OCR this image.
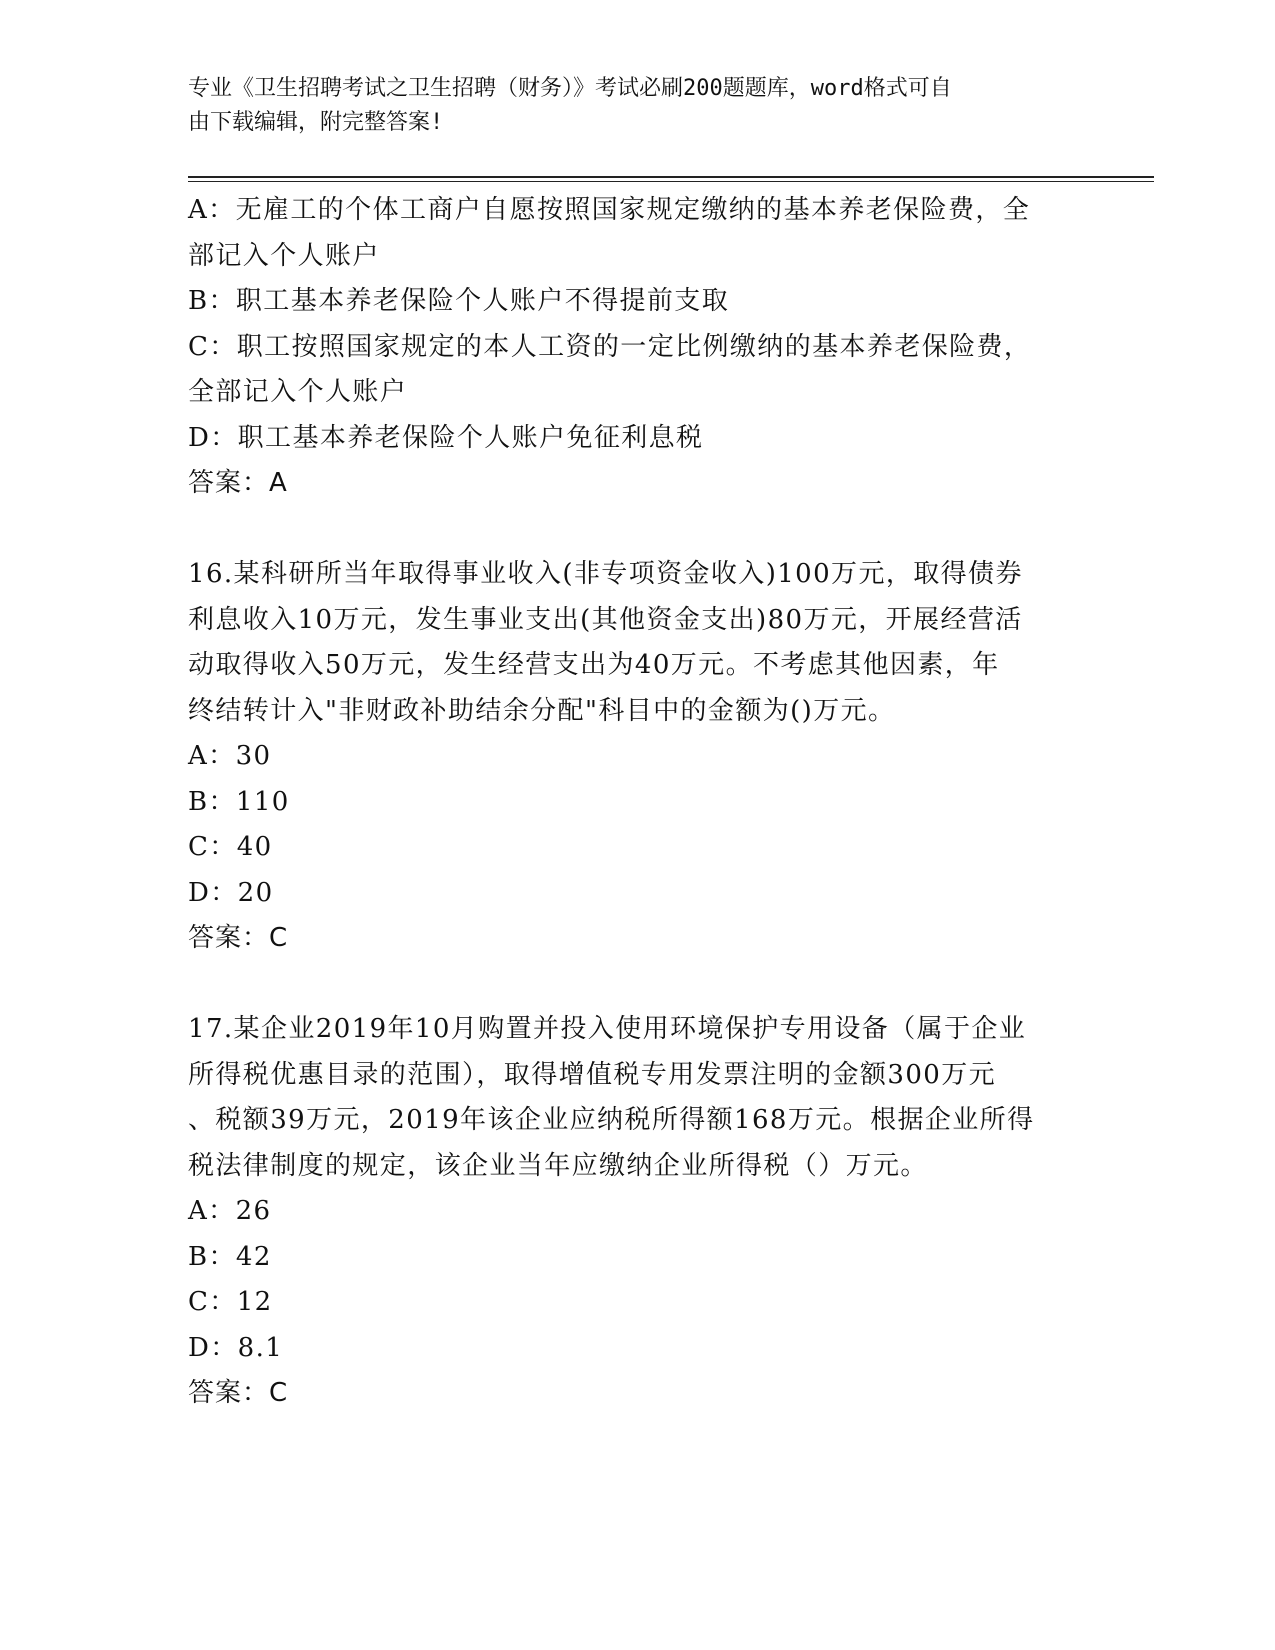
专业《卫生招聘考试之卫生招聘（财务）》考试必刷200题题库，word格式可自
由下载编辑，附完整答案!
A：无雇工的个体工商户自愿按照国家规定缴纳的基本养老保险费，全
部记入个人账户
B：职工基本养老保险个人账户不得提前支取
C：职工按照国家规定的本人工资的一定比例缴纳的基本养老保险费，
全部记入个人账户
D：职工基本养老保险个人账户免征利息税
答案：A
16.某科研所当年取得事业收入(非专项资金收入)100万元，取得债券
利息收入10万元，发生事业支出(其他资金支出)80万元，开展经营活
动取得收入50万元，发生经营支出为40万元。不考虑其他因素，年
终结转计入"非财政补助结余分配"科目中的金额为()万元。
A：30
B：110
C：40
D：20
答案：C
17.某企业2019年10月购置并投入使用环境保护专用设备（属于企业
所得税优惠目录的范围），取得增值税专用发票注明的金额300万元
、税额39万元，2019年该企业应纳税所得额168万元。根据企业所得
税法律制度的规定，该企业当年应缴纳企业所得税（）万元。
A：26
B：42
C：12
D：8.1
答案：C
